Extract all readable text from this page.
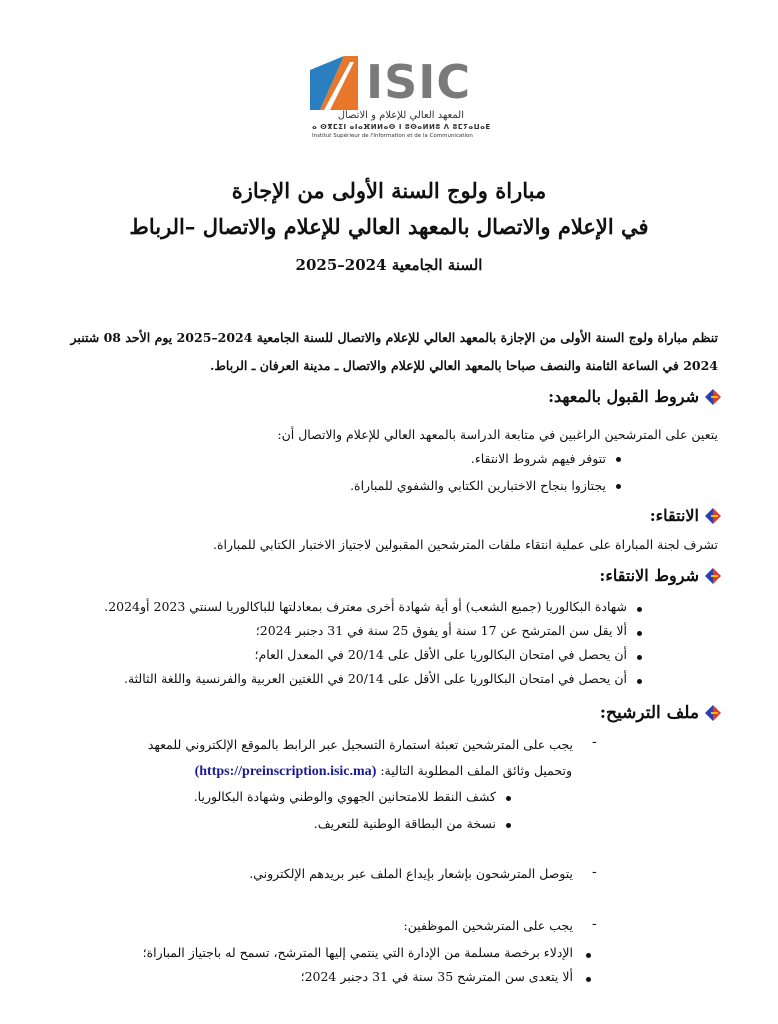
ISIC
المعهد العالي للإعلام و الاتصال
ⴰ ⵙⴳⵎⵉⵏ ⴰⵏⴰⴼⵍⵍⴰⵙ ⵏ ⵓⵙⴰⵍⵍⵓ ⴷ ⵓⵎⵢⴰⵡⴰⴹ
Institut Supérieur de l'Information et de la Communication
مباراة ولوج السنة الأولى من الإجازة
في الإعلام والاتصال بالمعهد العالي للإعلام والاتصال –الرباط
السنة الجامعية 2024–2025
تنظم مباراة ولوج السنة الأولى من الإجازة بالمعهد العالي للإعلام والاتصال للسنة الجامعية 2024–2025 يوم الأحد 08 شتنبر
2024 في الساعة الثامنة والنصف صباحا بالمعهد العالي للإعلام والاتصال ـ مدينة العرفان ـ الرباط.
شروط القبول بالمعهد:
يتعين على المترشحين الراغبين في متابعة الدراسة بالمعهد العالي للإعلام والاتصال أن:
تتوفر فيهم شروط الانتقاء.
يجتازوا بنجاح الاختبارين الكتابي والشفوي للمباراة.
الانتقاء:
تشرف لجنة المباراة على عملية انتقاء ملفات المترشحين المقبولين لاجتياز الاختبار الكتابي للمباراة.
شروط الانتقاء:
شهادة البكالوريا (جميع الشعب) أو أية شهادة أخرى معترف بمعادلتها للباكالوريا لسنتي 2023 أو2024.
ألا يقل سن المترشح عن 17 سنة أو يفوق 25 سنة في 31 دجنبر 2024؛
أن يحصل في امتحان البكالوريا على الأقل على 20/14 في المعدل العام؛
أن يحصل في امتحان البكالوريا على الأقل على 20/14 في اللغتين العربية والفرنسية واللغة الثالثة.
ملف الترشيح:
-
يجب على المترشحين تعبئة استمارة التسجيل عبر الرابط بالموقع الإلكتروني للمعهد
وتحميل وثائق الملف المطلوبة التالية: (https://preinscription.isic.ma)
كشف النقط للامتحانين الجهوي والوطني وشهادة البكالوريا.
نسخة من البطاقة الوطنية للتعريف.
-
يتوصل المترشحون بإشعار بإيداع الملف عبر بريدهم الإلكتروني.
-
يجب على المترشحين الموظفين:
الإدلاء برخصة مسلمة من الإدارة التي ينتمي إليها المترشح، تسمح له باجتياز المباراة؛
ألا يتعدى سن المترشح 35 سنة في 31 دجنبر 2024؛
